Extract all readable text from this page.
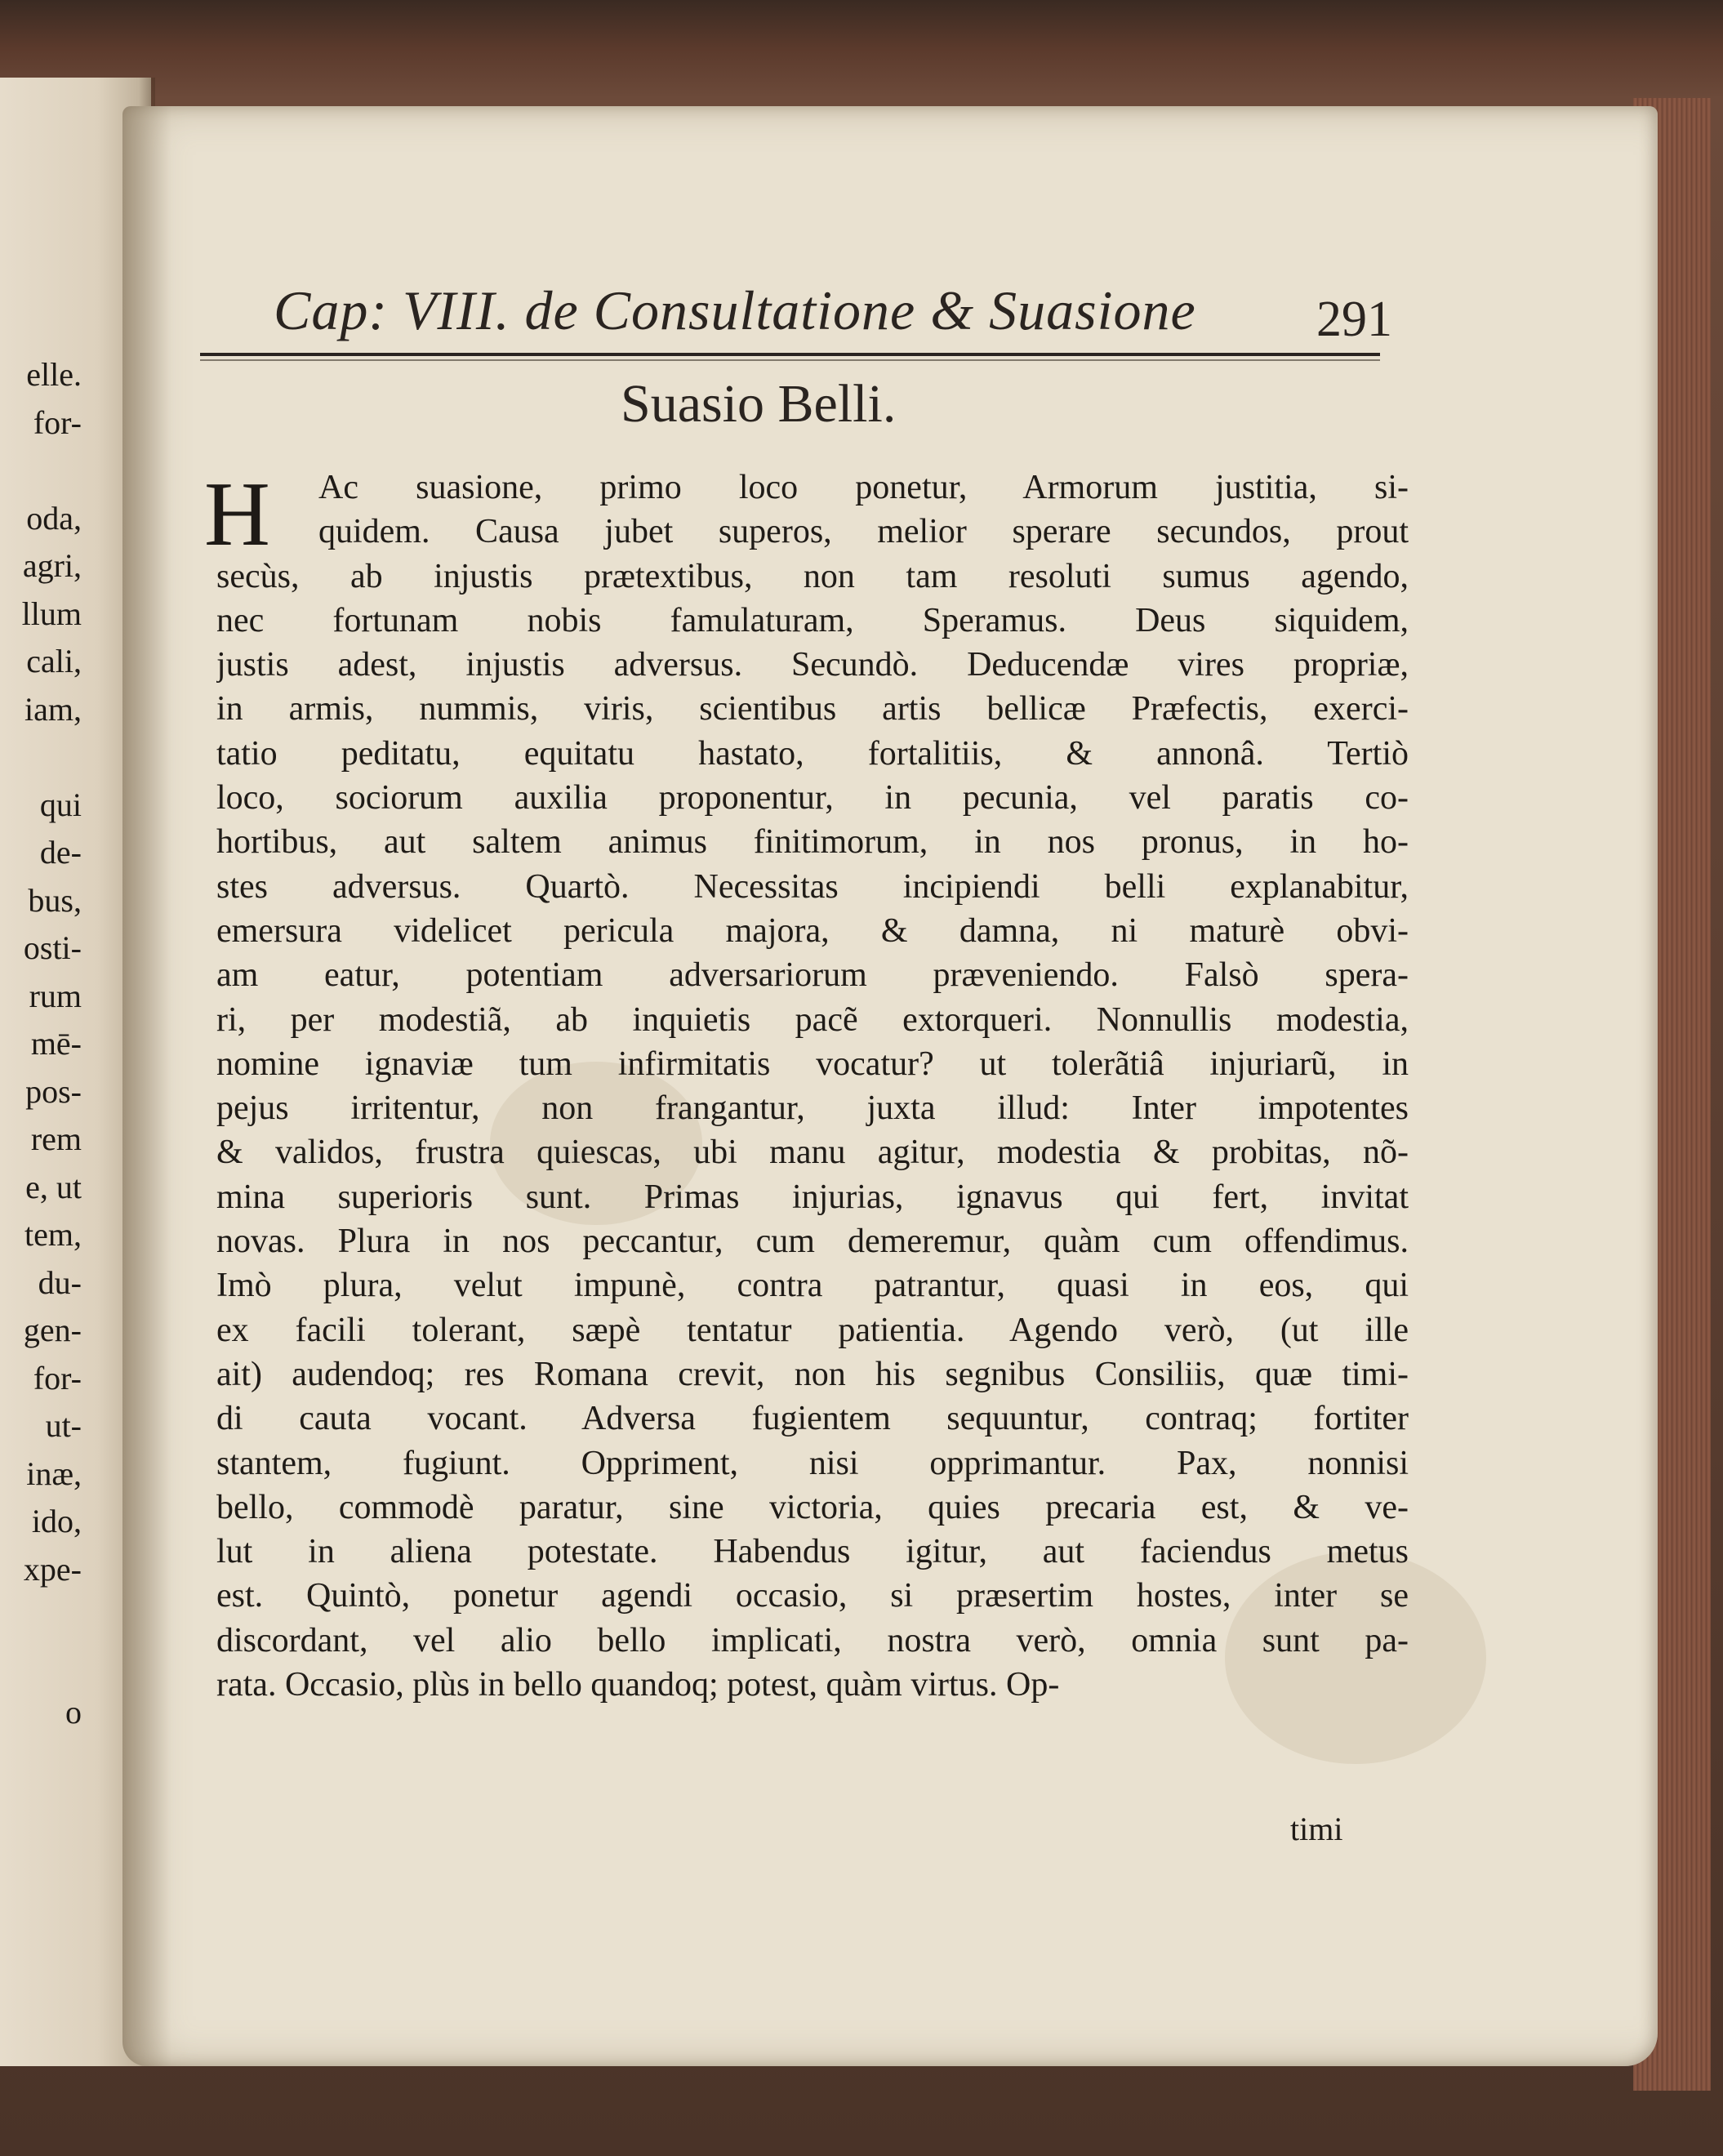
elle.
for-
oda,
agri,
llum
cali,
iam,
qui
de-
bus,
osti-
rum
mē-
pos-
rem
e, ut
tem,
du-
gen-
for-
ut-
inæ,
ido,
xpe-
o
Cap: VIII. de Consultatione & Suasione	291
Suasio Belli.
H	Ac suasione, primo loco ponetur, Armorum justitia, si-
quidem. Causa jubet superos, melior sperare secundos, prout
secùs, ab injustis prætextibus, non tam resoluti sumus agendo,
nec fortunam nobis famulaturam, Speramus. Deus siquidem,
justis adest, injustis adversus. Secundò. Deducendæ vires propriæ,
in armis, nummis, viris, scientibus artis bellicæ Præfectis, exerci-
tatio peditatu, equitatu hastato, fortalitiis, & annonâ. Tertiò
loco, sociorum auxilia proponentur, in pecunia, vel paratis co-
hortibus, aut saltem animus finitimorum, in nos pronus, in ho-
stes adversus. Quartò. Necessitas incipiendi belli explanabitur,
emersura videlicet pericula majora, & damna, ni maturè obvi-
am eatur, potentiam adversariorum præveniendo. Falsò spera-
ri, per modestiã, ab inquietis pacẽ extorqueri. Nonnullis modestia,
nomine ignaviæ tum infirmitatis vocatur? ut tolerãtiâ injuriarũ, in
pejus irritentur, non frangantur, juxta illud: Inter impotentes
& validos, frustra quiescas, ubi manu agitur, modestia & probitas, nõ-
mina superioris sunt. Primas injurias, ignavus qui fert, invitat
novas. Plura in nos peccantur, cum demeremur, quàm cum offendimus.
Imò plura, velut impunè, contra patrantur, quasi in eos, qui
ex facili tolerant, sæpè tentatur patientia. Agendo verò, (ut ille
ait) audendoq; res Romana crevit, non his segnibus Consiliis, quæ timi-
di cauta vocant. Adversa fugientem sequuntur, contraq; fortiter
stantem, fugiunt. Oppriment, nisi opprimantur. Pax, nonnisi
bello, commodè paratur, sine victoria, quies precaria est, & ve-
lut in aliena potestate. Habendus igitur, aut faciendus metus
est. Quintò, ponetur agendi occasio, si præsertim hostes, inter se
discordant, vel alio bello implicati, nostra verò, omnia sunt pa-
rata. Occasio, plùs in bello quandoq; potest, quàm virtus. Op-
timi
